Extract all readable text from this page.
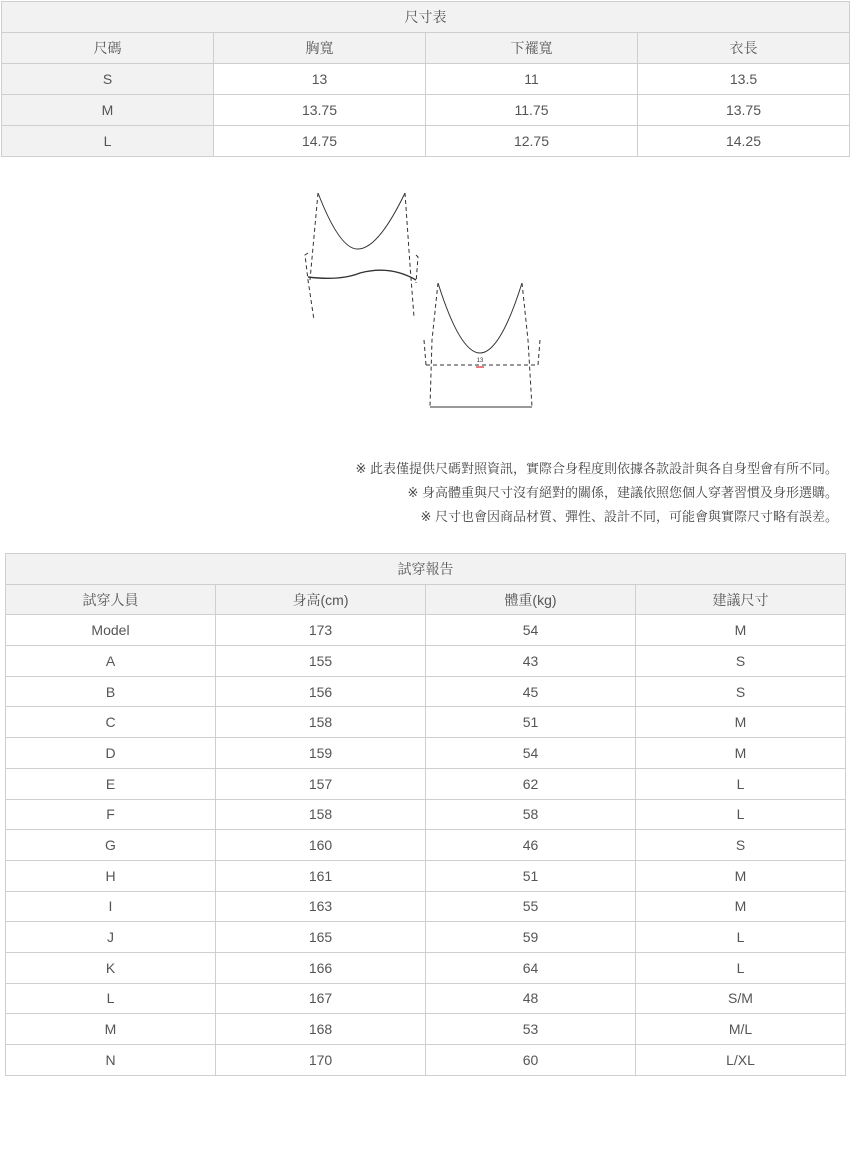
尺寸表			
尺碼	胸寬	下襬寬	衣長
S	13	11	13.5
M	13.75	11.75	13.75
L	14.75	12.75	14.25
13
※ 此表僅提供尺碼對照資訊，實際合身程度則依據各款設計與各自身型會有所不同。
※ 身高體重與尺寸沒有絕對的關係，建議依照您個人穿著習慣及身形選購。
※ 尺寸也會因商品材質、彈性、設計不同，可能會與實際尺寸略有誤差。
試穿報告			
試穿人員	身高(cm)	體重(kg)	建議尺寸
Model	173	54	M
A	155	43	S
B	156	45	S
C	158	51	M
D	159	54	M
E	157	62	L
F	158	58	L
G	160	46	S
H	161	51	M
I	163	55	M
J	165	59	L
K	166	64	L
L	167	48	S/M
M	168	53	M/L
N	170	60	L/XL
